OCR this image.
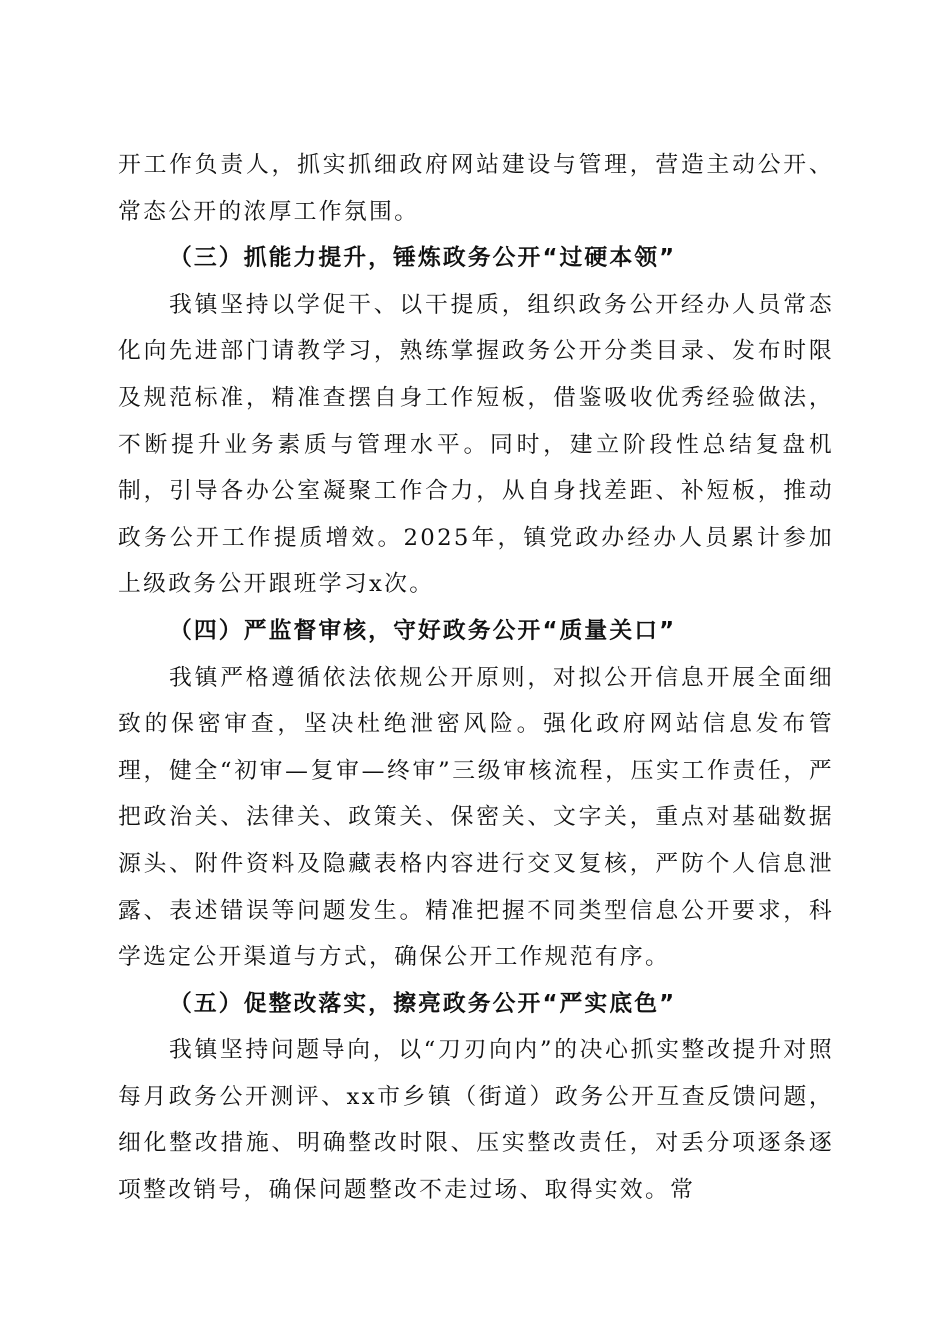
开工作负责人，抓实抓细政府网站建设与管理，营造主动公开、常态公开的浓厚工作氛围。

（三）抓能力提升，锤炼政务公开“过硬本领”

我镇坚持以学促干、以干提质，组织政务公开经办人员常态化向先进部门请教学习，熟练掌握政务公开分类目录、发布时限及规范标准，精准查摆自身工作短板，借鉴吸收优秀经验做法，不断提升业务素质与管理水平。同时，建立阶段性总结复盘机制，引导各办公室凝聚工作合力，从自身找差距、补短板，推动政务公开工作提质增效。2025年，镇党政办经办人员累计参加上级政务公开跟班学习x次。

（四）严监督审核，守好政务公开“质量关口”

我镇严格遵循依法依规公开原则，对拟公开信息开展全面细致的保密审查，坚决杜绝泄密风险。强化政府网站信息发布管理，健全“初审—复审—终审”三级审核流程，压实工作责任，严把政治关、法律关、政策关、保密关、文字关，重点对基础数据源头、附件资料及隐藏表格内容进行交叉复核，严防个人信息泄露、表述错误等问题发生。精准把握不同类型信息公开要求，科学选定公开渠道与方式，确保公开工作规范有序。

（五）促整改落实，擦亮政务公开“严实底色”

我镇坚持问题导向，以“刀刃向内”的决心抓实整改提升对照每月政务公开测评、xx市乡镇（街道）政务公开互查反馈问题，细化整改措施、明确整改时限、压实整改责任，对丢分项逐条逐项整改销号，确保问题整改不走过场、取得实效。常
